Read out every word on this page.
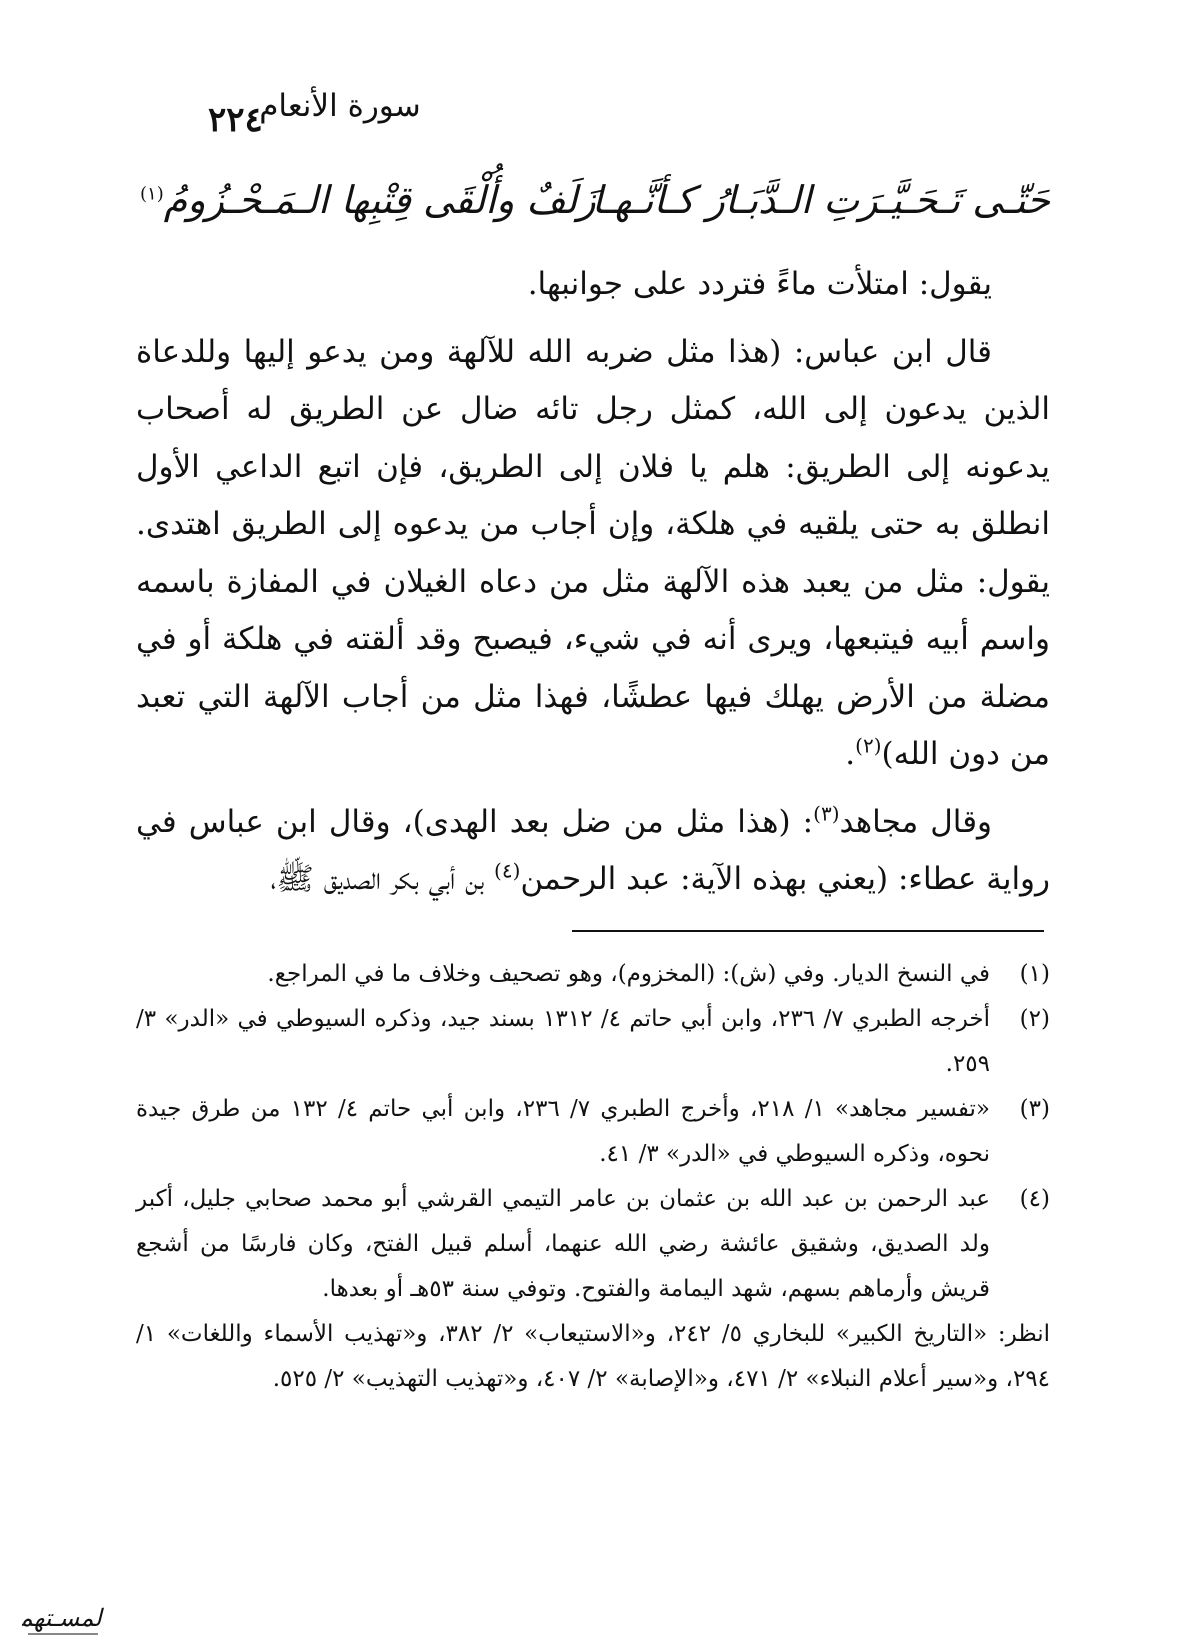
٢٢٤
سورة الأنعام
حَتّـى تَـحَـيَّـرَتِ الـدَّبَـارُ كـأنَّـهـا
زَلَفٌ وأُلْقَى قِتْبِها الـمَـحْـزُومُ$^{(١)}$

يقول: امتلأت ماءً فتردد على جوانبها.

قال ابن عباس: (هذا مثل ضربه الله للآلهة ومن يدعو إليها وللدعاة الذين يدعون إلى الله، كمثل رجل تائه ضال عن الطريق له أصحاب يدعونه إلى الطريق: هلم يا فلان إلى الطريق، فإن اتبع الداعي الأول انطلق به حتى يلقيه في هلكة، وإن أجاب من يدعوه إلى الطريق اهتدى. يقول: مثل من يعبد هذه الآلهة مثل من دعاه الغيلان في المفازة باسمه واسم أبيه فيتبعها، ويرى أنه في شيء، فيصبح وقد ألقته في هلكة أو في مضلة من الأرض يهلك فيها عطشًا، فهذا مثل من أجاب الآلهة التي تعبد من دون الله)$^{(٢)}$.

وقال مجاهد$^{(٣)}$: (هذا مثل من ضل بعد الهدى)، وقال ابن عباس في رواية عطاء: (يعني بهذه الآية: عبد الرحمن$^{(٤)}$ بن أبي بكر الصديق ﷺ،

(١)

في النسخ الديار. وفي (ش): (المخزوم)، وهو تصحيف وخلاف ما في المراجع.

(٢)

أخرجه الطبري ٧/ ٢٣٦، وابن أبي حاتم ٤/ ١٣١٢ بسند جيد، وذكره السيوطي في «الدر» ٣/ ٢٥٩.

(٣)

«تفسير مجاهد» ١/ ٢١٨، وأخرج الطبري ٧/ ٢٣٦، وابن أبي حاتم ٤/ ١٣٢ من طرق جيدة نحوه، وذكره السيوطي في «الدر» ٣/ ٤١.

(٤)

عبد الرحمن بن عبد الله بن عثمان بن عامر التيمي القرشي أبو محمد صحابي جليل، أكبر ولد الصديق، وشقيق عائشة رضي الله عنهما، أسلم قبيل الفتح، وكان فارسًا من أشجع قريش وأرماهم بسهم، شهد اليمامة والفتوح. وتوفي سنة ٥٣هـ أو بعدها.

انظر: «التاريخ الكبير» للبخاري ٥/ ٢٤٢، و«الاستيعاب» ٢/ ٣٨٢، و«تهذيب الأسماء واللغات» ١/ ٢٩٤، و«سير أعلام النبلاء» ٢/ ٤٧١، و«الإصابة» ٢/ ٤٠٧، و«تهذيب التهذيب» ٢/ ٥٢٥.

المسـتهم
